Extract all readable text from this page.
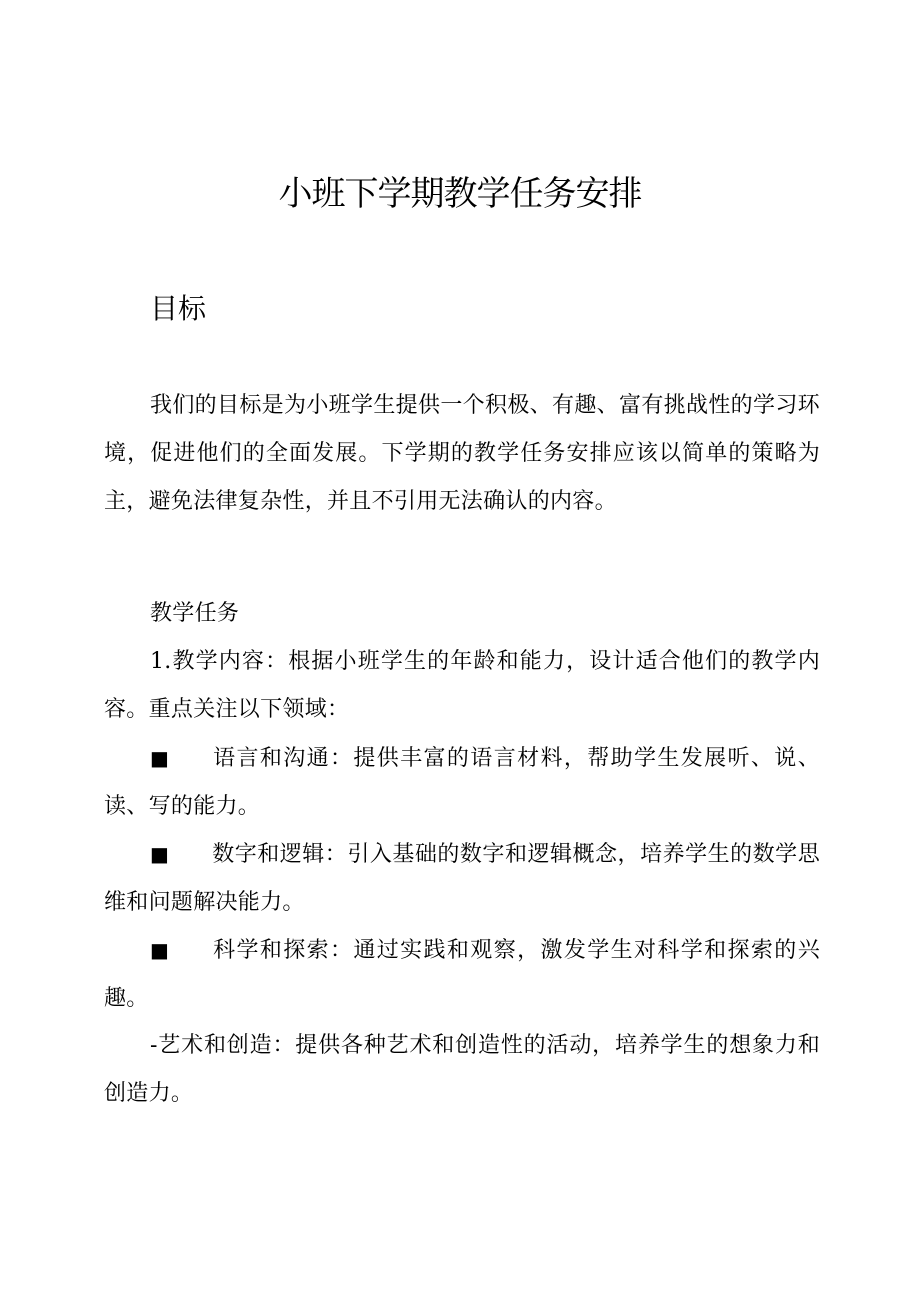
小班下学期教学任务安排
目标

我们的目标是为小班学生提供一个积极、有趣、富有挑战性的学习环境，促进他们的全面发展。下学期的教学任务安排应该以简单的策略为主，避免法律复杂性，并且不引用无法确认的内容。

教学任务

1.教学内容：根据小班学生的年龄和能力，设计适合他们的教学内容。重点关注以下领域：

■ 语言和沟通：提供丰富的语言材料，帮助学生发展听、说、读、写的能力。

■ 数字和逻辑：引入基础的数字和逻辑概念，培养学生的数学思维和问题解决能力。

■ 科学和探索：通过实践和观察，激发学生对科学和探索的兴趣。

-艺术和创造：提供各种艺术和创造性的活动，培养学生的想象力和创造力。
